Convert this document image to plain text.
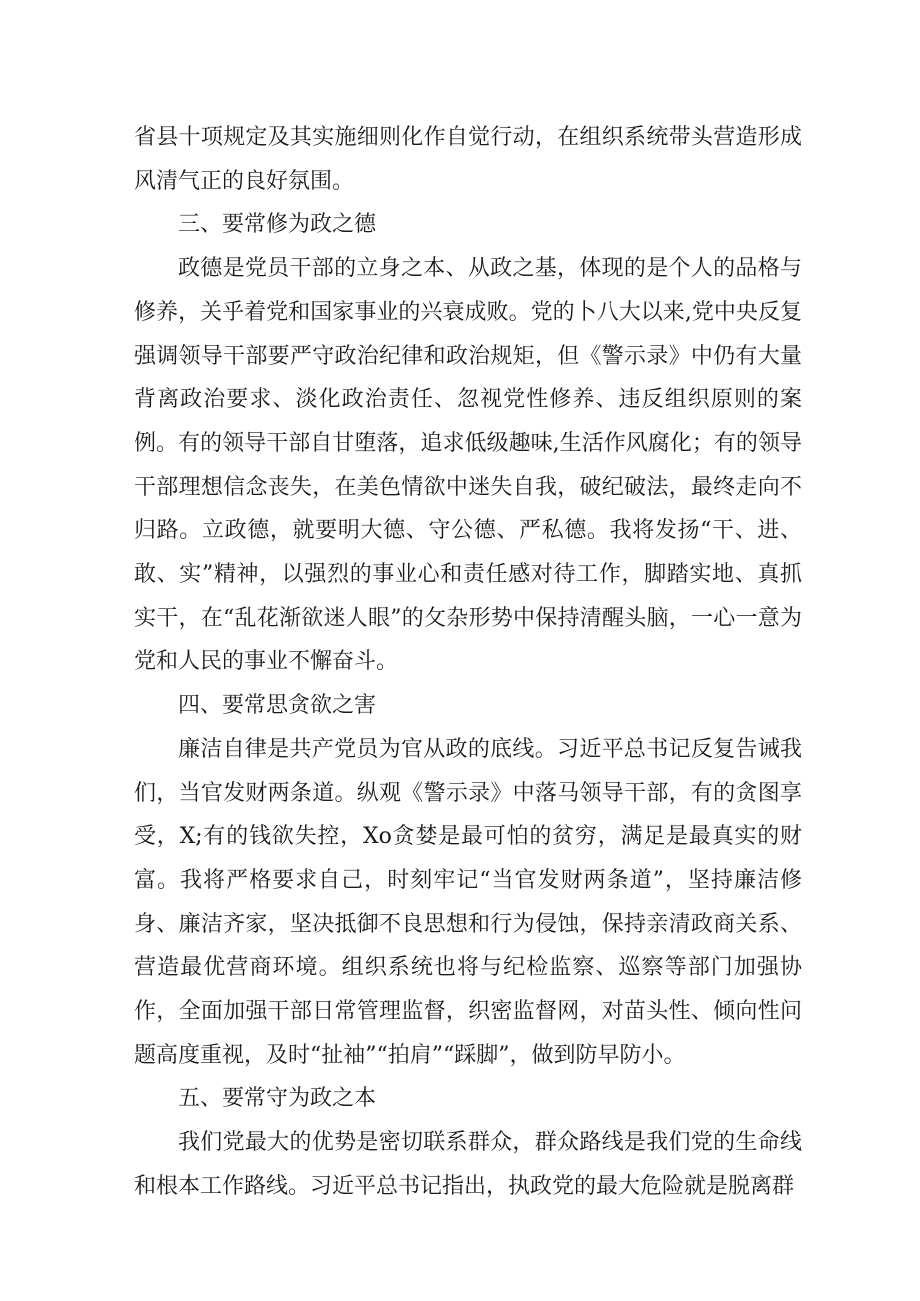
省县十项规定及其实施细则化作自觉行动，在组织系统带头营造形成风清气正的良好氛围。

三、要常修为政之德

政德是党员干部的立身之本、从政之基，体现的是个人的品格与修养，关乎着党和国家事业的兴衰成败。党的卜八大以来,党中央反复强调领导干部要严守政治纪律和政治规矩，但《警示录》中仍有大量背离政治要求、淡化政治责任、忽视党性修养、违反组织原则的案例。有的领导干部自甘堕落，追求低级趣味,生活作风腐化；有的领导干部理想信念丧失，在美色情欲中迷失自我，破纪破法，最终走向不归路。立政德，就要明大德、守公德、严私德。我将发扬“干、进、敢、实”精神，以强烈的事业心和责任感对待工作，脚踏实地、真抓实干，在“乱花渐欲迷人眼”的攵杂形势中保持清醒头脑，一心一意为党和人民的事业不懈奋斗。

四、要常思贪欲之害

廉洁自律是共产党员为官从政的底线。习近平总书记反复告诫我们，当官发财两条道。纵观《警示录》中落马领导干部，有的贪图享受，X;有的钱欲失控，Xo贪婪是最可怕的贫穷，满足是最真实的财富。我将严格要求自己，时刻牢记“当官发财两条道”，坚持廉洁修身、廉洁齐家，坚决抵御不良思想和行为侵蚀，保持亲清政商关系、营造最优营商环境。组织系统也将与纪检监察、巡察等部门加强协作，全面加强干部日常管理监督，织密监督网，对苗头性、倾向性问题高度重视，及时“扯袖”“拍肩”“踩脚”，做到防早防小。

五、要常守为政之本

我们党最大的优势是密切联系群众，群众路线是我们党的生命线和根本工作路线。习近平总书记指出，执政党的最大危险就是脱离群
